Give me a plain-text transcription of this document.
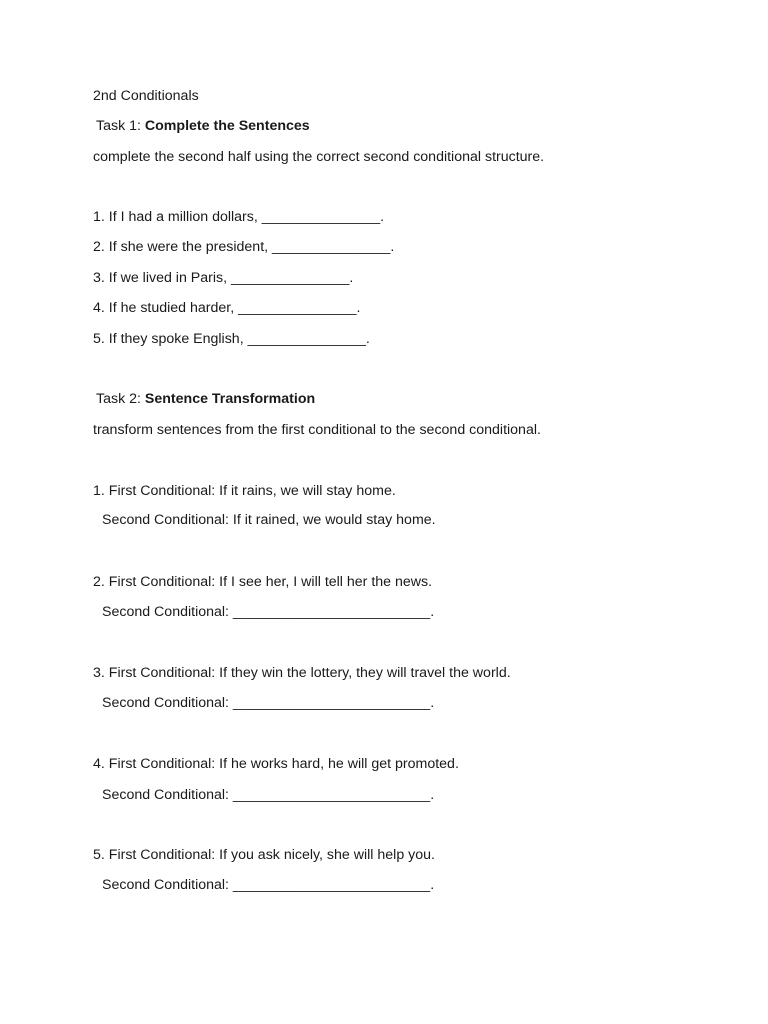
2nd Conditionals
Task 1: Complete the Sentences
complete the second half using the correct second conditional structure.
1. If I had a million dollars, _______________.
2. If she were the president, _______________.
3. If we lived in Paris, _______________.
4. If he studied harder, _______________.
5. If they spoke English, _______________.
Task 2: Sentence Transformation
transform sentences from the first conditional to the second conditional.
1. First Conditional: If it rains, we will stay home.
Second Conditional: If it rained, we would stay home.
2. First Conditional: If I see her, I will tell her the news.
Second Conditional: _________________________.
3. First Conditional: If they win the lottery, they will travel the world.
Second Conditional: _________________________.
4. First Conditional: If he works hard, he will get promoted.
Second Conditional: _________________________.
5. First Conditional: If you ask nicely, she will help you.
Second Conditional: _________________________.
